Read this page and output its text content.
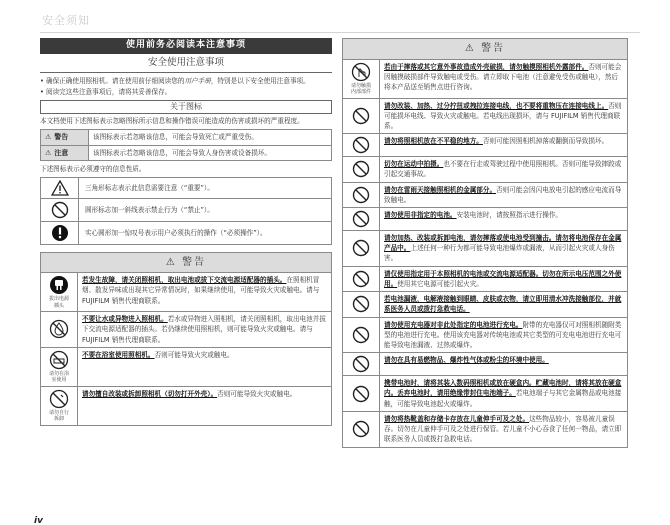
安全须知
使用前务必阅读本注意事项
安全使用注意事项
• 确保正确使用照相机。请在使用前仔细阅读您的用户手册，特别是以下安全使用注意事项。
• 阅读完这些注意事项后，请将其妥善保存。
关于图标
本文档使用下述图标表示忽略图标所示信息和操作错误可能造成的伤害或损坏的严重程度。
⚠ 警告	该图标表示若忽略该信息，可能会导致死亡或严重受伤。
⚠ 注意	该图标表示若忽略该信息，可能会导致人身伤害或设备损坏。
下述图标表示必须遵守的信息性质。
	三角形标志表示此信息需要注意（“重要”）。

	圆形标志加一斜线表示禁止行为（“禁止”）。

	实心圆形加一惊叹号表示用户必须执行的操作（“必须操作”）。
⚠ 警告
拔出电源
插头
若发生故障，请关闭照相机，取出电池或拔下交流电源适配器的插头。在照相机冒烟、散发异味或出现其它异常情况时，如果继续使用，可能导致火灾或触电。请与 FUJIFILM 销售代理商联系。
不要让水或异物进入照相机。若水或异物进入照相机，请关闭照相机，取出电池并拔下交流电源适配器的插头。若仍继续使用照相机，则可能导致火灾或触电。请与 FUJIFILM 销售代理商联系。
请勿在浴
室使用
不要在浴室使用照相机。否则可能导致火灾或触电。
请勿自行
拆卸
请勿擅自改装或拆卸照相机（切勿打开外壳）。否则可能导致火灾或触电。
⚠ 警告
请勿触摸
内部部件
若由于摔落或其它意外事故造成外壳破损，请勿触摸照相机外露部件。否则可能会因触摸破损部件导致触电或受伤。请立即取下电池（注意避免受伤或触电），然后将本产品送至销售点进行咨询。
请勿改装、加热、过分拧扭或拽拉连接电线，也不要将重物压在连接电线上。否则可能损坏电线、导致火灾或触电。若电线出现损坏，请与 FUJIFILM 销售代理商联系。
请勿将照相机放在不平稳的地方。否则可能因照相机掉落或翻倒而导致损坏。
切勿在运动中拍摄。也不要在行走或驾驶过程中使用照相机。否则可能导致摔跤或引起交通事故。
请勿在雷雨天接触照相机的金属部分。否则可能会因闪电放电引起的感应电流而导致触电。
请勿使用非指定的电池。安装电池时，请按照指示进行操作。
请勿加热、改装或拆卸电池，请勿摔落或使电池受到撞击。请勿将电池保存在金属产品中。上述任何一种行为都可能导致电池爆炸或漏液，从而引起火灾或人身伤害。
请仅使用指定用于本照相机的电池或交流电源适配器。切勿在所示电压范围之外使用。使用其它电源可能引起火灾。
若电池漏液，电解液接触到眼睛、皮肤或衣物，请立即用清水冲洗接触部位，并就系医务人员或拨打急救电话。
请勿使用充电器对非此处指定的电池进行充电。附带的充电器仅可对照相机随附类型的电池进行充电。使用该充电器对传统电池或其它类型的可充电电池进行充电可能导致电池漏液、过热或爆炸。
请勿在具有易燃物品、爆炸性气体或粉尘的环境中使用。
携带电池时，请将其装入数码照相机或放在硬盒内。贮藏电池时，请将其放在硬盒内。丢弃电池时，请用绝缘带封住电池端子。若电池端子与其它金属物品或电池接触，可能导致电池起火或爆炸。
请勿将热靴盖和存储卡存放在儿童伸手可及之处。这些物品较小，容易被儿童误吞。切勿在儿童伸手可及之处进行保管。若儿童不小心吞食了任何一物品，请立即联系医务人员或拨打急救电话。
iv
